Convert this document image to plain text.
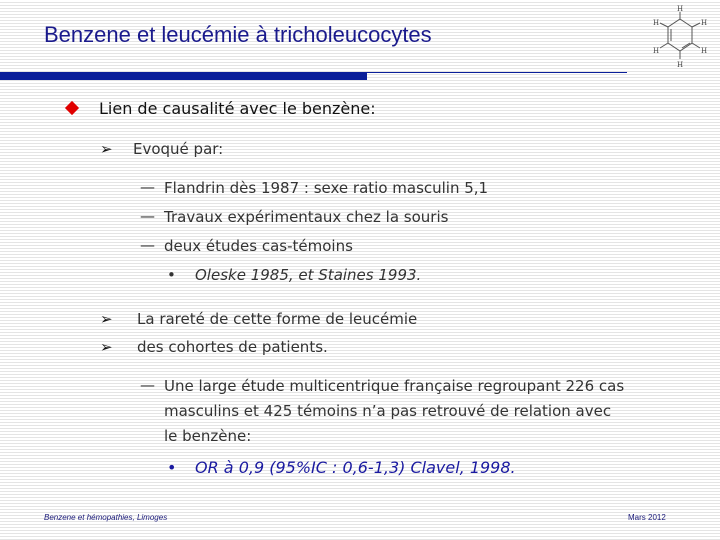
Benzene et leucémie à tricholeucocytes
H
H
H
H
H
H
Lien de causalité avec le benzène:
➢ Evoqué par:
— Flandrin dès 1987 : sexe ratio masculin 5,1
— Travaux expérimentaux chez la souris
— deux études cas-témoins
• Oleske 1985, et Staines 1993.
➢ La rareté de cette forme de leucémie
➢ des cohortes de patients.
— Une large étude multicentrique française regroupant 226 cas
masculins et 425 témoins n’a pas retrouvé de relation avec
le benzène:
• OR à 0,9 (95%IC : 0,6-1,3) Clavel, 1998.
Benzene et hémopathies, Limoges	Mars 2012
